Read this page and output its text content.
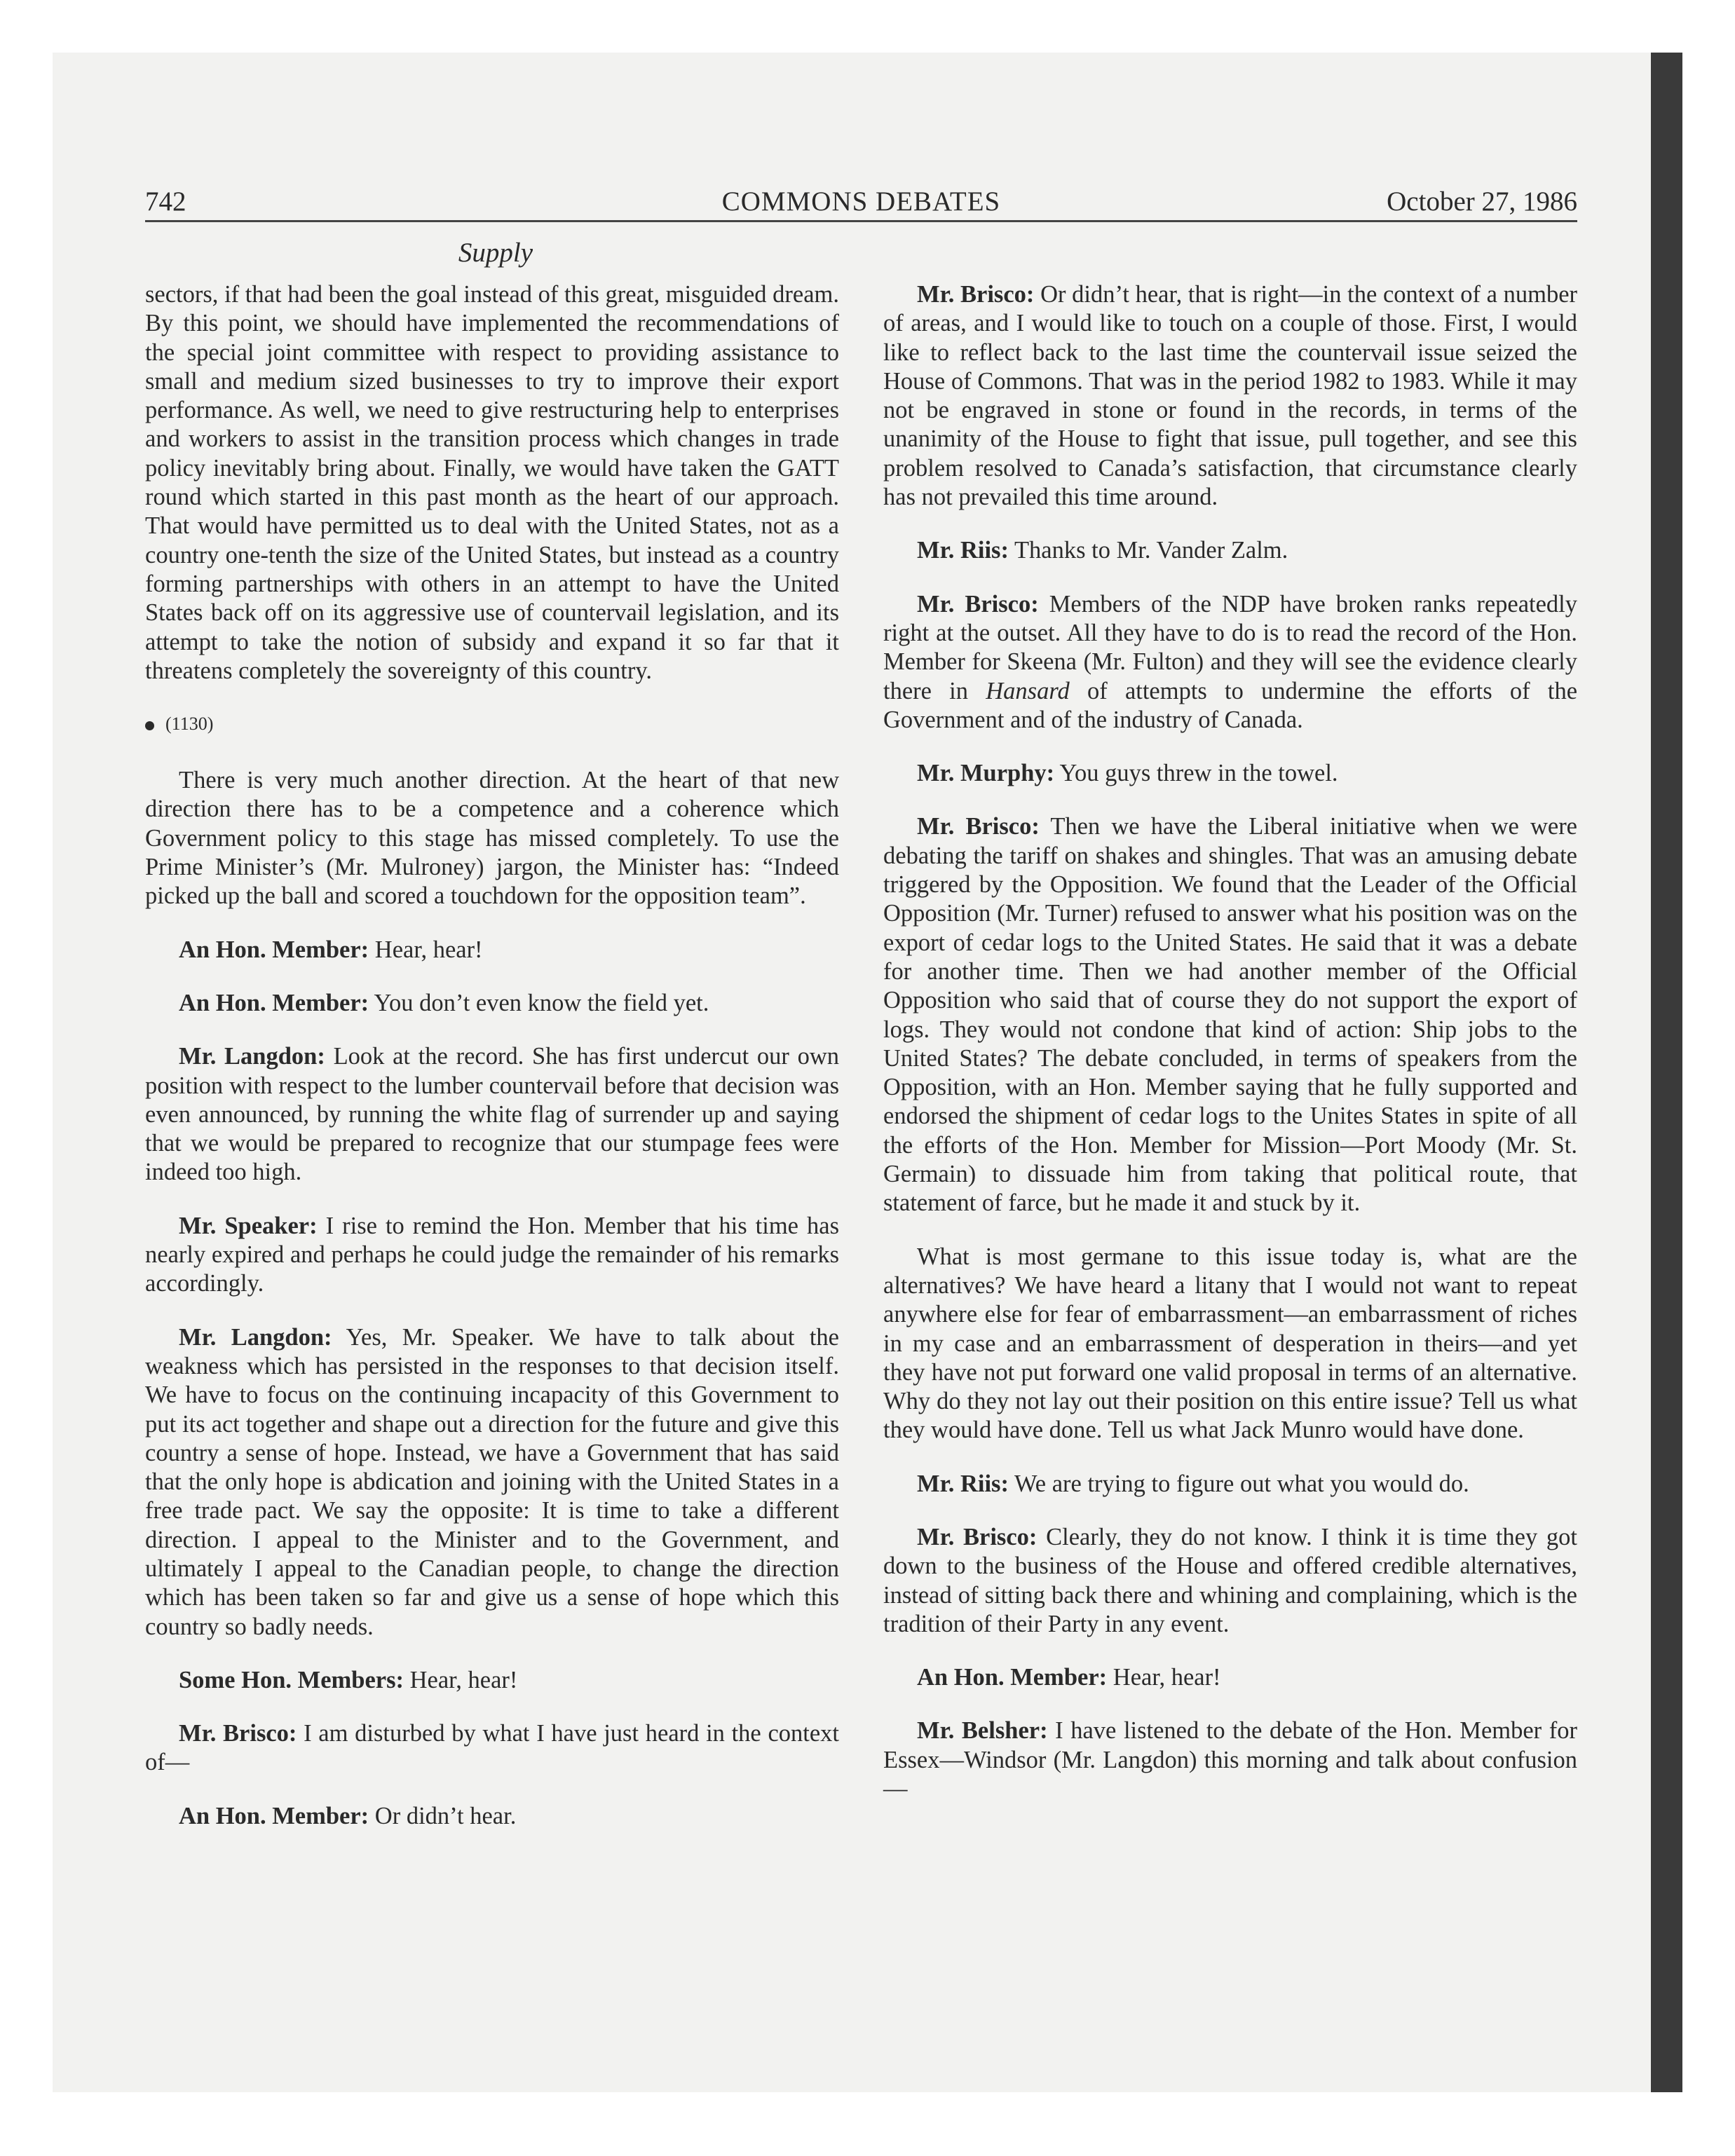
742	COMMONS DEBATES	October 27, 1986
Supply

sectors, if that had been the goal instead of this great, misguided dream. By this point, we should have implemented the recommendations of the special joint committee with respect to providing assistance to small and medium sized businesses to try to improve their export performance. As well, we need to give restructuring help to enterprises and workers to assist in the transition process which changes in trade policy inevitably bring about. Finally, we would have taken the GATT round which started in this past month as the heart of our approach. That would have permitted us to deal with the United States, not as a country one-tenth the size of the United States, but instead as a country forming partnerships with others in an attempt to have the United States back off on its aggressive use of countervail legislation, and its attempt to take the notion of subsidy and expand it so far that it threatens completely the sovereignty of this country.

(1130)

There is very much another direction. At the heart of that new direction there has to be a competence and a coherence which Government policy to this stage has missed completely. To use the Prime Minister’s (Mr. Mulroney) jargon, the Minister has: “Indeed picked up the ball and scored a touchdown for the opposition team”.

An Hon. Member: Hear, hear!

An Hon. Member: You don’t even know the field yet.

Mr. Langdon: Look at the record. She has first undercut our own position with respect to the lumber countervail before that decision was even announced, by running the white flag of surrender up and saying that we would be prepared to recognize that our stumpage fees were indeed too high.

Mr. Speaker: I rise to remind the Hon. Member that his time has nearly expired and perhaps he could judge the remainder of his remarks accordingly.

Mr. Langdon: Yes, Mr. Speaker. We have to talk about the weakness which has persisted in the responses to that decision itself. We have to focus on the continuing incapacity of this Government to put its act together and shape out a direction for the future and give this country a sense of hope. Instead, we have a Government that has said that the only hope is abdication and joining with the United States in a free trade pact. We say the opposite: It is time to take a different direction. I appeal to the Minister and to the Government, and ultimately I appeal to the Canadian people, to change the direction which has been taken so far and give us a sense of hope which this country so badly needs.

Some Hon. Members: Hear, hear!

Mr. Brisco: I am disturbed by what I have just heard in the context of—

An Hon. Member: Or didn’t hear.

Mr. Brisco: Or didn’t hear, that is right—in the context of a number of areas, and I would like to touch on a couple of those. First, I would like to reflect back to the last time the countervail issue seized the House of Commons. That was in the period 1982 to 1983. While it may not be engraved in stone or found in the records, in terms of the unanimity of the House to fight that issue, pull together, and see this problem resolved to Canada’s satisfaction, that circumstance clearly has not prevailed this time around.

Mr. Riis: Thanks to Mr. Vander Zalm.

Mr. Brisco: Members of the NDP have broken ranks repeatedly right at the outset. All they have to do is to read the record of the Hon. Member for Skeena (Mr. Fulton) and they will see the evidence clearly there in Hansard of attempts to undermine the efforts of the Government and of the industry of Canada.

Mr. Murphy: You guys threw in the towel.

Mr. Brisco: Then we have the Liberal initiative when we were debating the tariff on shakes and shingles. That was an amusing debate triggered by the Opposition. We found that the Leader of the Official Opposition (Mr. Turner) refused to answer what his position was on the export of cedar logs to the United States. He said that it was a debate for another time. Then we had another member of the Official Opposition who said that of course they do not support the export of logs. They would not condone that kind of action: Ship jobs to the United States? The debate concluded, in terms of speakers from the Opposition, with an Hon. Member saying that he fully supported and endorsed the shipment of cedar logs to the Unites States in spite of all the efforts of the Hon. Member for Mission—Port Moody (Mr. St. Germain) to dissuade him from taking that political route, that statement of farce, but he made it and stuck by it.

What is most germane to this issue today is, what are the alternatives? We have heard a litany that I would not want to repeat anywhere else for fear of embarrassment—an embarrassment of riches in my case and an embarrassment of desperation in theirs—and yet they have not put forward one valid proposal in terms of an alternative. Why do they not lay out their position on this entire issue? Tell us what they would have done. Tell us what Jack Munro would have done.

Mr. Riis: We are trying to figure out what you would do.

Mr. Brisco: Clearly, they do not know. I think it is time they got down to the business of the House and offered credible alternatives, instead of sitting back there and whining and complaining, which is the tradition of their Party in any event.

An Hon. Member: Hear, hear!

Mr. Belsher: I have listened to the debate of the Hon. Member for Essex—Windsor (Mr. Langdon) this morning and talk about confusion—
